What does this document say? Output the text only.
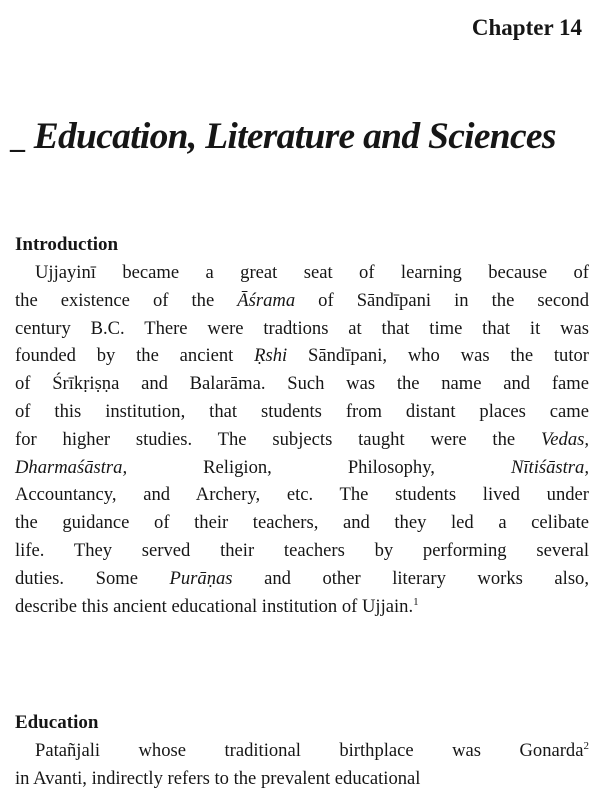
Chapter 14
_ Education, Literature and Sciences
Introduction
Ujjayinī became a great seat of learning because of
the existence of the Āśrama of Sāndīpani in the second
century B.C. There were tradtions at that time that it was
founded by the ancient Ṛshi Sāndīpani, who was the tutor
of Śrīkṛiṣṇa and Balarāma. Such was the name and fame
of this institution, that students from distant places came
for higher studies. The subjects taught were the Vedas,
Dharmaśāstra, Religion, Philosophy, Nītiśāstra,
Accountancy, and Archery, etc. The students lived under
the guidance of their teachers, and they led a celibate
life. They served their teachers by performing several
duties. Some Purāṇas and other literary works also,
describe this ancient educational institution of Ujjain.$^1$
Education
Patañjali whose traditional birthplace was Gonarda$^2$
in Avanti, indirectly refers to the prevalent educational
